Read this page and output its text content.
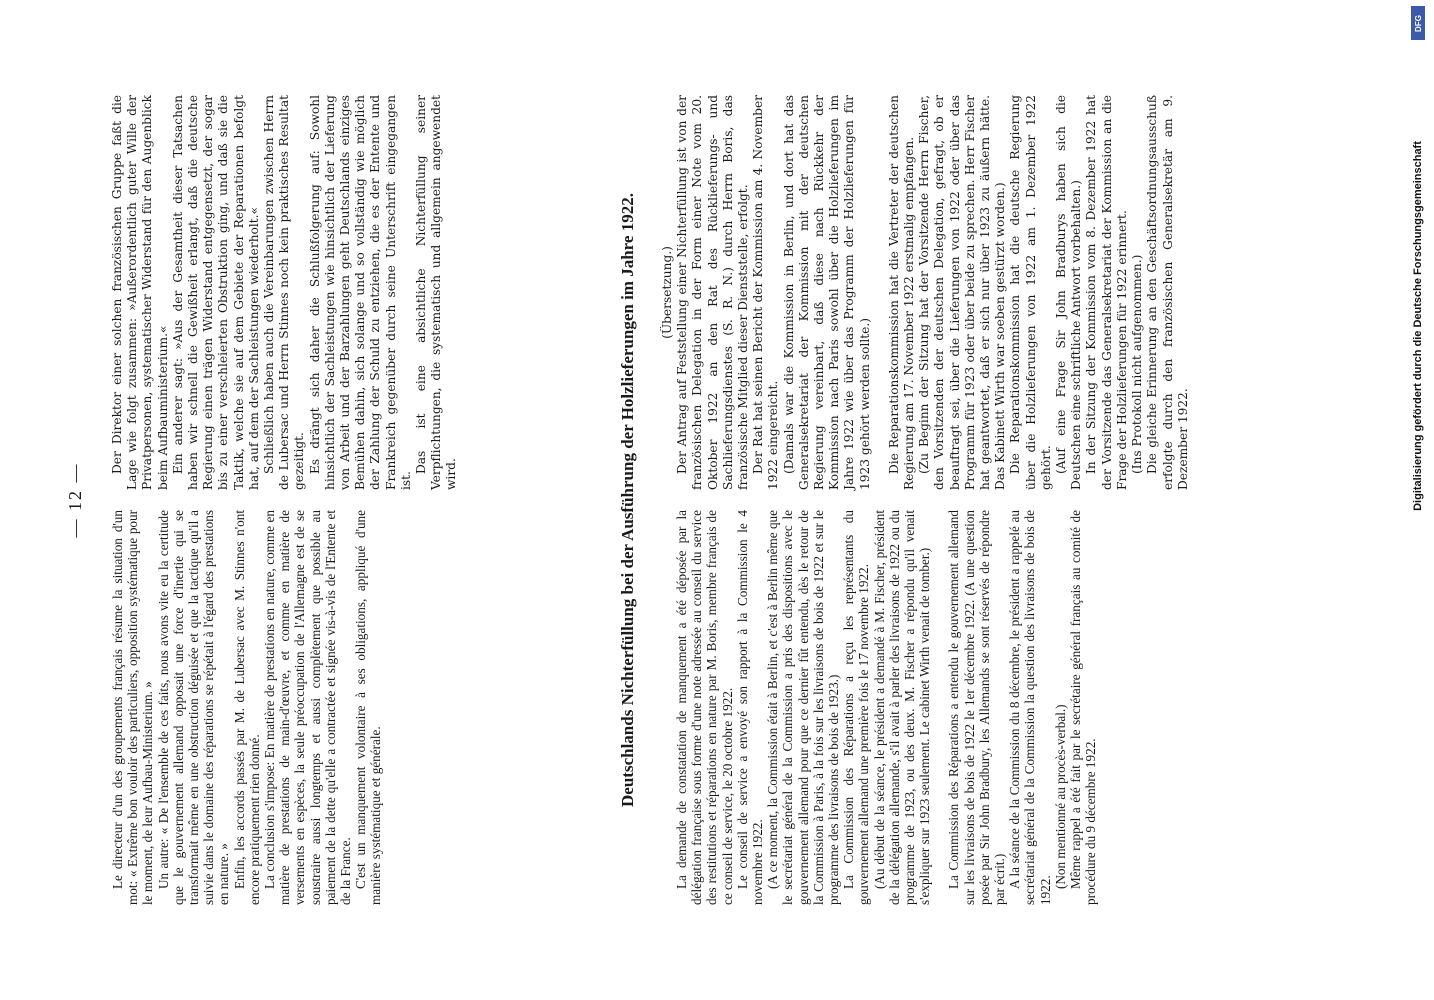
— 12 —

Le directeur d'un des groupements français résume la situation d'un mot: « Extrême bon vouloir des particuliers, opposition systématique pour le moment, de leur Aufbau-Ministerium. » Un autre: « De l'ensemble de ces faits, nous avons vite eu la certitude que le gouvernement allemand opposait une force d'inertie qui se transformait même en une obstruction déguisée et que la tactique qu'il a suivie dans le domaine des réparations se répétait à l'égard des prestations en nature. » Enfin, les accords passés par M. de Lubersac avec M. Stinnes n'ont encore pratiquement rien donné. La conclusion s'impose: En matière de prestations en nature, comme en matière de prestations de main-d'œuvre, et comme en matière de versements en espèces, la seule préoccupation de l'Allemagne est de se soustraire aussi longtemps et aussi complètement que possible au paiement de la dette qu'elle a contractée et signée vis-à-vis de l'Entente et de la France. C'est un manquement volontaire à ses obligations, appliqué d'une manière systématique et générale.

Der Direktor einer solchen französischen Gruppe faßt die Lage wie folgt zusammen: »Außerordentlich guter Wille der Privatpersonen, systematischer Widerstand für den Augenblick beim Aufbauministerium.« Ein anderer sagt: »Aus der Gesamtheit dieser Tatsachen haben wir schnell die Gewißheit erlangt, daß die deutsche Regierung einen trägen Widerstand entgegensetzt, der sogar bis zu einer verschleierten Obstruktion ging, und daß sie die Taktik, welche sie auf dem Gebiete der Reparationen befolgt hat, auf dem der Sachleistungen wiederholt.« Schließlich haben auch die Vereinbarungen zwischen Herrn de Lubersac und Herrn Stinnes noch kein praktisches Resultat gezeitigt. Es drängt sich daher die Schlußfolgerung auf: Sowohl hinsichtlich der Sachleistungen wie hinsichtlich der Lieferung von Arbeit und der Barzahlungen geht Deutschlands einziges Bemühen dahin, sich solange und so vollständig wie möglich der Zahlung der Schuld zu entziehen, die es der Entente und Frankreich gegenüber durch seine Unterschrift eingegangen ist.

Das ist eine absichtliche Nichterfüllung seiner Verpflichtungen, die systematisch und allgemein angewendet wird.	Deutschlands Nichterfüllung bei der Ausführung der Holzlieferungen im Jahre 1922.	La demande de constatation de manquement a été déposée par la délégation française sous forme d'une note adressée au conseil du service des restitutions et réparations en nature par M. Boris, membre français de ce conseil de service, le 20 octobre 1922. Le conseil de service a envoyé son rapport à la Commission le 4 novembre 1922. (A ce moment, la Commission était à Berlin, et c'est à Berlin même que le secrétariat général de la Commission a pris des dispositions avec le gouvernement allemand pour que ce dernier fût entendu, dès le retour de la Commission à Paris, à la fois sur les livraisons de bois de 1922 et sur le programme des livraisons de bois de 1923.) La Commission des Réparations a reçu les représentants du gouvernement allemand une première fois le 17 novembre 1922. (Au début de la séance, le président a demandé à M. Fischer, président de la délégation allemande, s'il avait à parler des livraisons de 1922 ou du programme de 1923, ou des deux. M. Fischer a répondu qu'il venait s'expliquer sur 1923 seulement. Le cabinet Wirth venait de tomber.) La Commission des Réparations a entendu le gouvernement allemand sur les livraisons de bois de 1922 le 1er décembre 1922. (A une question posée par Sir John Bradbury, les Allemands se sont réservés de répondre par écrit.) A la séance de la Commission du 8 décembre, le président a rappelé au secrétariat général de la Commission la question des livraisons de bois de 1922.

(Non mentionné au procès-verbal.) Même rappel a été fait par le secrétaire général français au comité de procédure du 9 décembre 1922.

(Übersetzung.) Der Antrag auf Feststellung einer Nichterfüllung ist von der französischen Delegation in der Form einer Note vom 20. Oktober 1922 an den Rat des Rücklieferungs- und Sachlieferungsdienstes (S. R. N.) durch Herrn Boris, das französische Mitglied dieser Dienststelle, erfolgt. Der Rat hat seinen Bericht der Kommission am 4. November 1922 eingereicht. (Damals war die Kommission in Berlin, und dort hat das Generalsekretariat der Kommission mit der deutschen Regierung vereinbart, daß diese nach Rückkehr der Kommission nach Paris sowohl über die Holzlieferungen im Jahre 1922 wie über das Programm der Holzlieferungen für 1923 gehört werden sollte.) Die Reparationskommission hat die Vertreter der deutschen Regierung am 17. November 1922 erstmalig empfangen. (Zu Beginn der Sitzung hat der Vorsitzende Herrn Fischer, den Vorsitzenden der deutschen Delegation, gefragt, ob er beauftragt sei, über die Lieferungen von 1922 oder über das Programm für 1923 oder über beide zu sprechen. Herr Fischer hat geantwortet, daß er sich nur über 1923 zu äußern hätte. Das Kabinett Wirth war soeben gestürzt worden.) Die Reparationskommission hat die deutsche Regierung über die Holzlieferungen von 1922 am 1. Dezember 1922 gehört. (Auf eine Frage Sir John Bradburys haben sich die Deutschen eine schriftliche Antwort vorbehalten.) In der Sitzung der Kommission vom 8. Dezember 1922 hat der Vorsitzende das Generalsekretariat der Kommission an die Frage der Holzlieferungen für 1922 erinnert. (Ins Protokoll nicht aufgenommen.) Die gleiche Erinnerung an den Geschäftsordnungsausschuß erfolgte durch den französischen Generalsekretär am 9. Dezember 1922.

DFG
Digitalisierung gefördert durch die Deutsche Forschungsgemeinschaft
